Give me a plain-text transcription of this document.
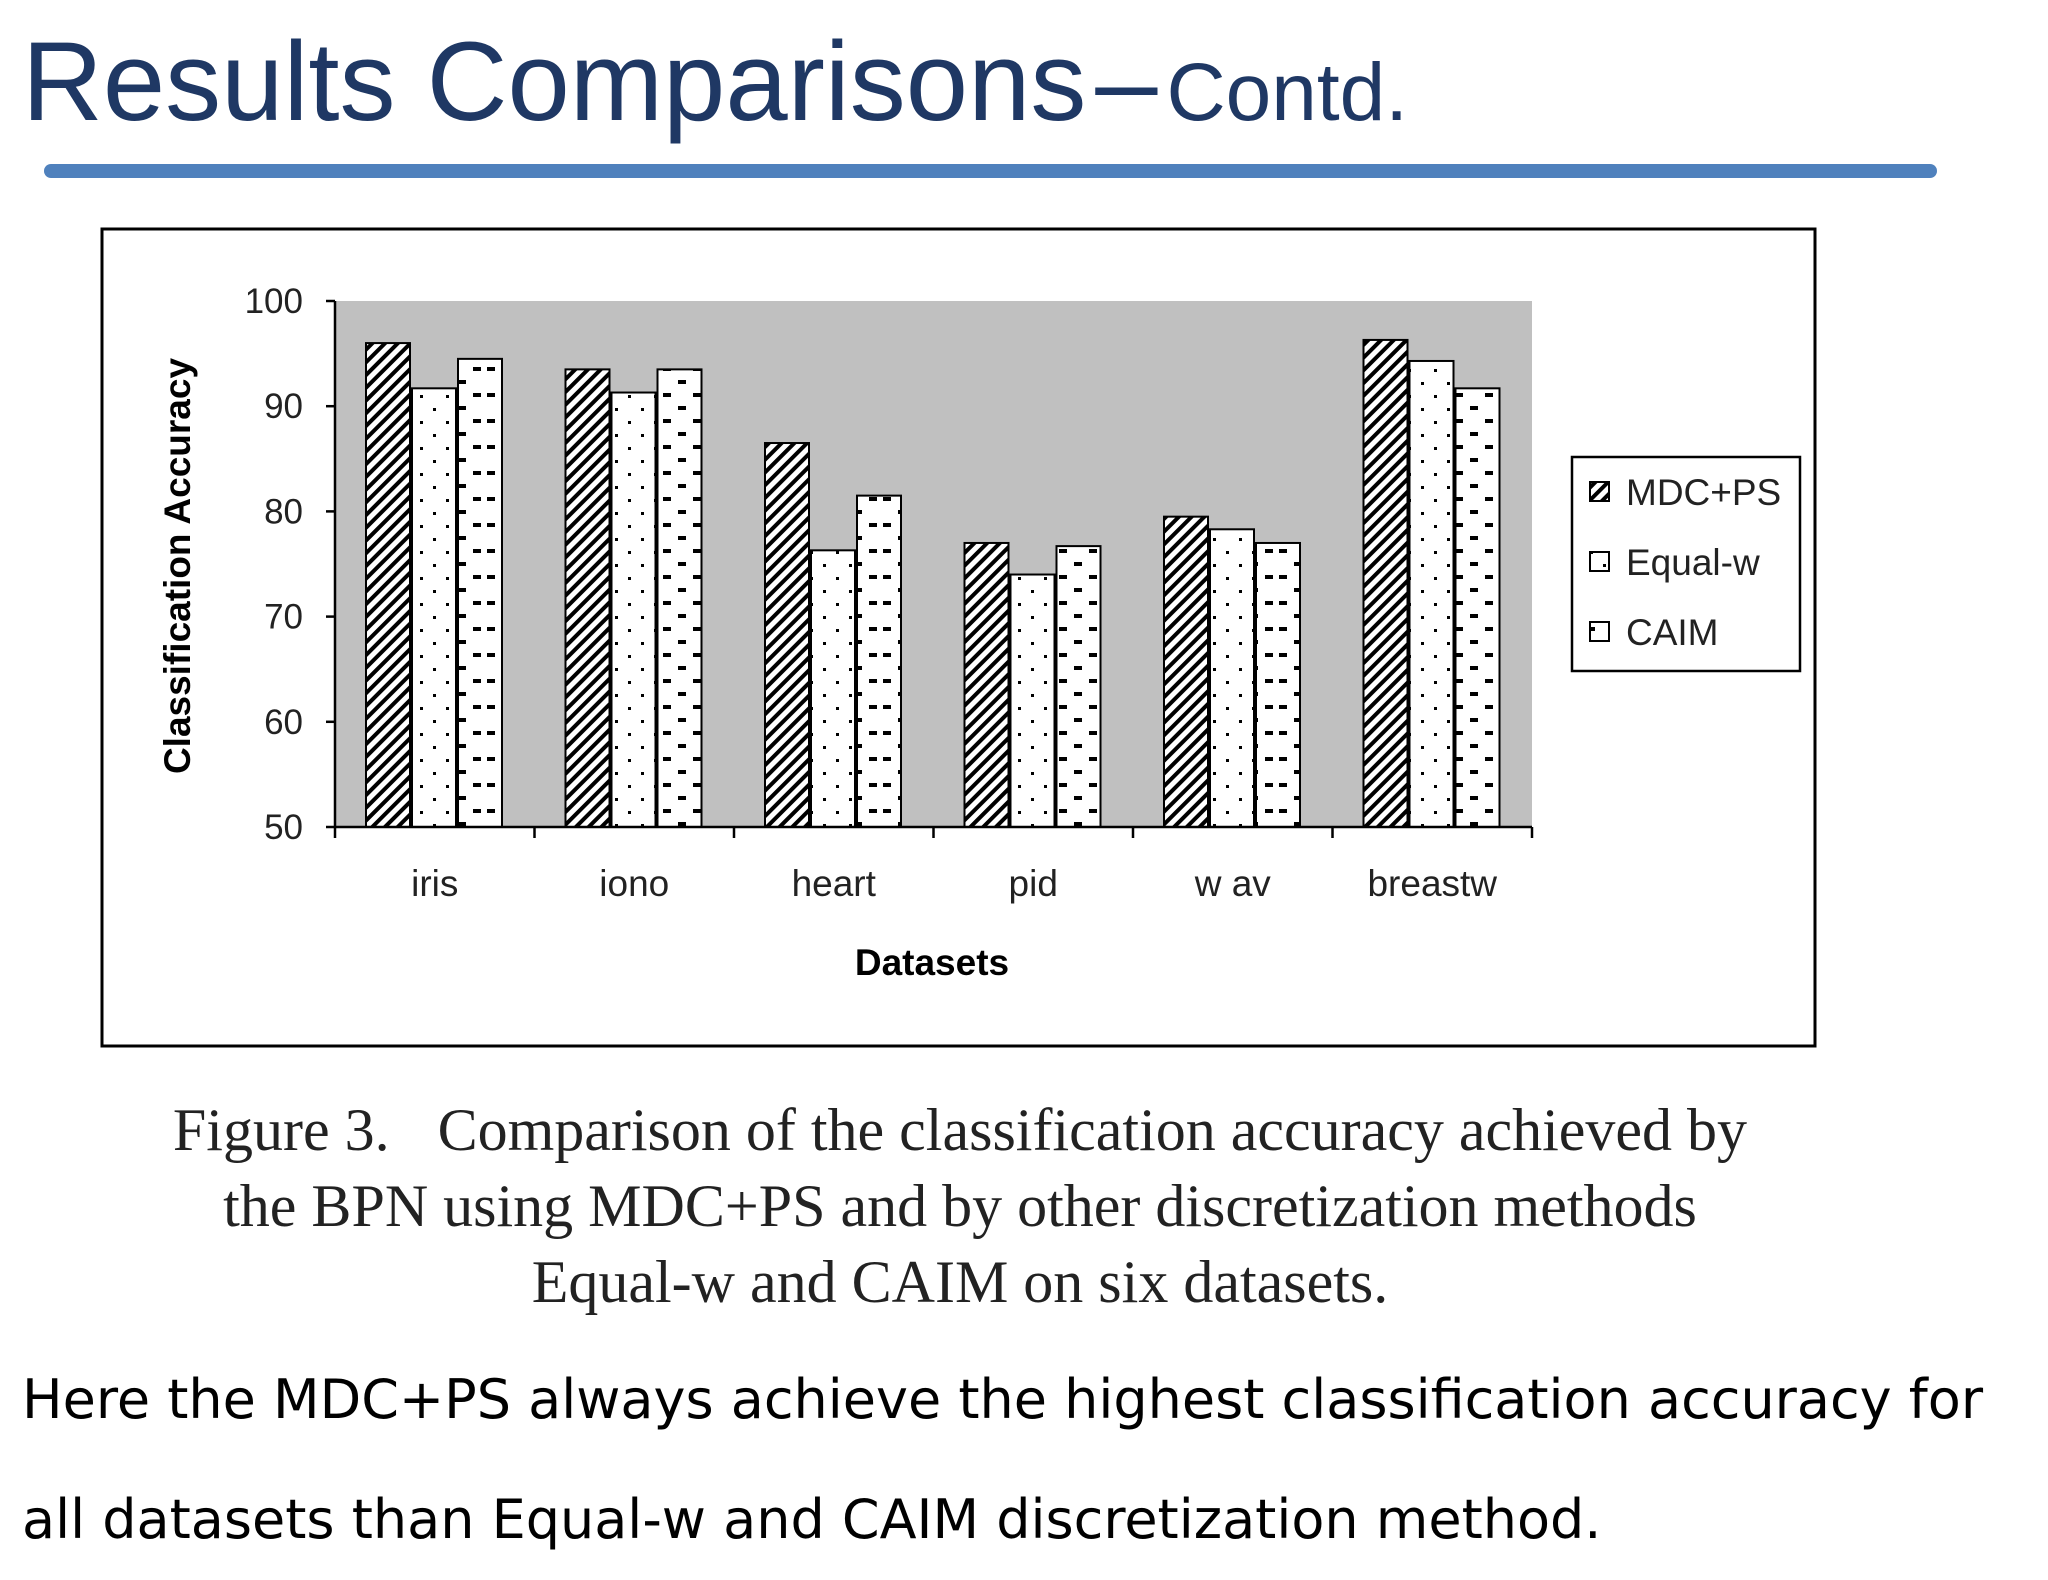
Results Comparisons – Contd.
50
60
70
80
90
100
iris	iono	heart	pid	w av	breastw
Classification Accuracy
Datasets
MDC+PS
Equal-w
CAIM
Figure 3. Comparison of the classification accuracy achieved by
the BPN using MDC+PS and by other discretization methods
Equal-w and CAIM on six datasets.
Here the MDC+PS always achieve the highest classification accuracy for
all datasets than Equal-w and CAIM discretization method.
